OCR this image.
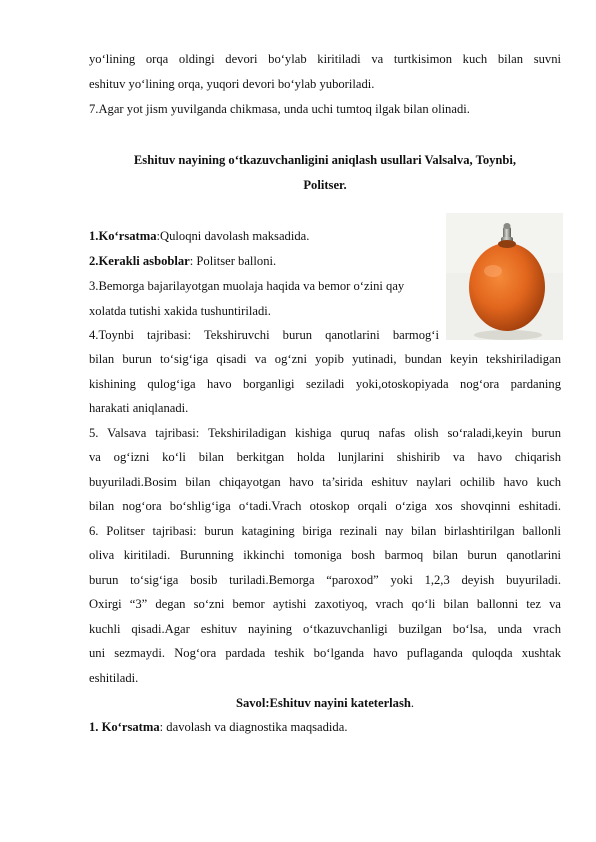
yo‘lining orqa oldingi devori bo‘ylab kiritiladi va turtkisimon kuch bilan suvni
eshituv yo‘lining orqa, yuqori devori bo‘ylab yuboriladi.
7.Agar yot jism yuvilganda chikmasa, unda uchi tumtoq ilgak bilan olinadi.
Eshituv nayining o‘tkazuvchanligini aniqlash usullari Valsalva, Toynbi,
Politser.
1.Ko‘rsatma:Quloqni davolash maksadida.
2.Kerakli asboblar: Politser balloni.
3.Bemorga bajarilayotgan muolaja haqida va bemor o‘zini qay
xolatda tutishi xakida tushuntiriladi.
4.Toynbi tajribasi: Tekshiruvchi burun qanotlarini barmog‘i
bilan burun to‘sig‘iga qisadi va og‘zni yopib yutinadi, bundan keyin tekshiriladigan
kishining qulog‘iga havo borganligi seziladi yoki,otoskopiyada nog‘ora pardaning
harakati aniqlanadi.
5. Valsava tajribasi: Tekshiriladigan kishiga quruq nafas olish so‘raladi,keyin burun
va og‘izni ko‘li bilan berkitgan holda lunjlarini shishirib va havo chiqarish
buyuriladi.Bosim bilan chiqayotgan havo ta’sirida eshituv naylari ochilib havo kuch
bilan nog‘ora bo‘shlig‘iga o‘tadi.Vrach otoskop orqali o‘ziga xos shovqinni eshitadi.
6. Politser tajribasi: burun katagining biriga rezinali nay bilan birlashtirilgan ballonli
oliva kiritiladi. Burunning ikkinchi tomoniga bosh barmoq bilan burun qanotlarini
burun to‘sig‘iga bosib turiladi.Bemorga “paroxod” yoki 1,2,3 deyish buyuriladi.
Oxirgi “3” degan so‘zni bemor aytishi zaxotiyoq, vrach qo‘li bilan ballonni tez va
kuchli qisadi.Agar eshituv nayining o‘tkazuvchanligi buzilgan bo‘lsa, unda vrach
uni sezmaydi. Nog‘ora pardada teshik bo‘lganda havo puflaganda quloqda xushtak
eshitiladi.
Savol:Eshituv nayini kateterlash.
1. Ko‘rsatma: davolash va diagnostika maqsadida.
